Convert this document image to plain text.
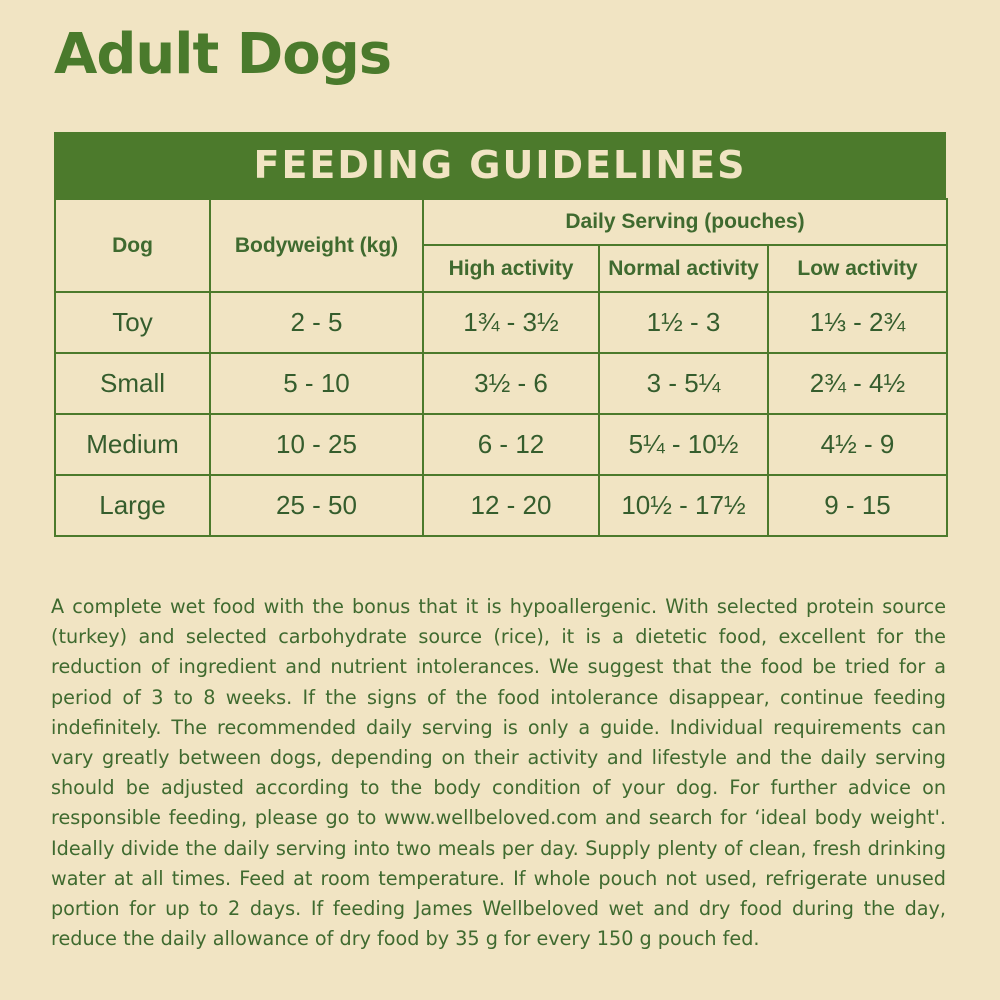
Adult Dogs
FEEDING GUIDELINES
Dog	Bodyweight (kg)	Daily Serving (pouches)		
		High activity	Normal activity	Low activity
Toy	2 - 5	1¾ - 3½	1½ - 3	1⅓ - 2¾
Small	5 - 10	3½ - 6	3 - 5¼	2¾ - 4½
Medium	10 - 25	6 - 12	5¼ - 10½	4½ - 9
Large	25 - 50	12 - 20	10½ - 17½	9 - 15

A complete wet food with the bonus that it is hypoallergenic. With selected protein source (turkey) and selected carbohydrate source (rice), it is a dietetic food, excellent for the reduction of ingredient and nutrient intolerances. We suggest that the food be tried for a period of 3 to 8 weeks. If the signs of the food intolerance disappear, continue feeding indefinitely. The recommended daily serving is only a guide. Individual requirements can vary greatly between dogs, depending on their activity and lifestyle and the daily serving should be adjusted according to the body condition of your dog. For further advice on responsible feeding, please go to www.wellbeloved.com and search for ‘ideal body weight'. Ideally divide the daily serving into two meals per day. Supply plenty of clean, fresh drinking water at all times. Feed at room temperature. If whole pouch not used, refrigerate unused portion for up to 2 days. If feeding James Wellbeloved wet and dry food during the day, reduce the daily allowance of dry food by 35 g for every 150 g pouch fed.
